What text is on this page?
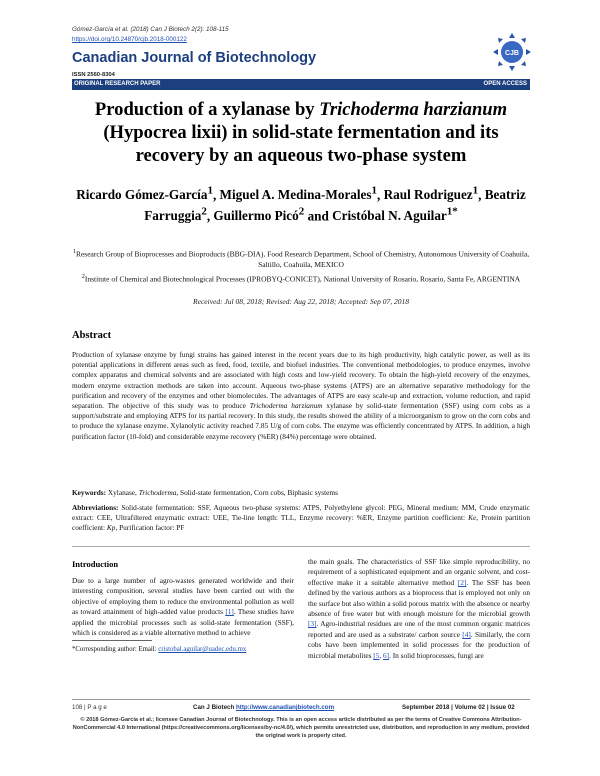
Gómez-García et al. (2018) Can J Biotech 2(2): 108-115
https://doi.org/10.24870/cjb.2018-000122
Canadian Journal of Biotechnology	CJB
ISSN 2560-8304
ORIGINAL RESEARCH PAPER	OPEN ACCESS
Production of a xylanase by Trichoderma harzianum (Hypocrea lixii) in solid-state fermentation and its recovery by an aqueous two-phase system
Ricardo Gómez-García$^1$, Miguel A. Medina-Morales$^1$, Raul Rodriguez$^1$, Beatriz Farruggia$^2$, Guillermo Picó$^2$ and Cristóbal N. Aguilar$^{1*}$
$^1$Research Group of Bioprocesses and Bioproducts (BBG-DIA), Food Research Department, School of Chemistry, Autonomous University of Coahuila, Saltillo, Coahuila, MEXICO
$^2$Institute of Chemical and Biotechnological Processes (IPROBYQ-CONICET), National University of Rosario, Rosario, Santa Fe, ARGENTINA
Received: Jul 08, 2018; Revised: Aug 22, 2018; Accepted: Sep 07, 2018
Abstract
Production of xylanase enzyme by fungi strains has gained interest in the recent years due to its high productivity, high catalytic power, as well as its potential applications in different areas such as feed, food, textile, and biofuel industries. The conventional methodologies, to produce enzymes, involve complex apparatus and chemical solvents and are associated with high costs and low-yield recovery. To obtain the high-yield recovery of the enzymes, modern enzyme extraction methods are taken into account. Aqueous two-phase systems (ATPS) are an alternative separative methodology for the purification and recovery of the enzymes and other biomolecules. The advantages of ATPS are easy scale-up and extraction, volume reduction, and rapid separation. The objective of this study was to produce Trichoderma harzianum xylanase by solid-state fermentation (SSF) using corn cobs as a support/substrate and employing ATPS for its partial recovery. In this study, the results showed the ability of a microorganism to grow on the corn cobs and to produce the xylanase enzyme. Xylanolytic activity reached 7.85 U/g of corn cobs. The enzyme was efficiently concentrated by ATPS. In addition, a high purification factor (10-fold) and considerable enzyme recovery (%ER) (84%) percentage were obtained.
Keywords: Xylanase, Trichoderma, Solid-state fermentation, Corn cobs, Biphasic systems
Abbreviations: Solid-state fermentation: SSF, Aqueous two-phase systems: ATPS, Polyethylene glycol: PEG, Mineral medium: MM, Crude enzymatic extract: CEE, Ultrafiltered enzymatic extract: UEE, Tie-line length: TLL, Enzyme recovery: %ER, Enzyme partition coefficient: Ke, Protein partition coefficient: Kp, Purification factor: PF
Introduction
Due to a large number of agro-wastes generated worldwide and their interesting composition, several studies have been carried out with the objective of employing them to reduce the environmental pollution as well as toward attainment of high-added value products [1]. These studies have applied the microbial processes such as solid-state fermentation (SSF), which is considered as a viable alternative method to achieve
the main goals. The characteristics of SSF like simple reproducibility, no requirement of a sophisticated equipment and an organic solvent, and cost-effective make it a suitable alternative method [2]. The SSF has been defined by the various authors as a bioprocess that is employed not only on the surface but also within a solid porous matrix with the absence or nearby absence of free water but with enough moisture for the microbial growth [3]. Agro-industrial residues are one of the most common organic matrices reported and are used as a substrate/ carbon source [4]. Similarly, the corn cobs have been implemented in solid processes for the production of microbial metabolites [5, 6]. In solid bioprocesses, fungi are
*Corresponding author: Email: cristobal.aguilar@uadec.edu.mx
108 | P a g e	Can J Biotech http://www.canadianjbiotech.com	September 2018 | Volume 02 | Issue 02
© 2018 Gómez-García et al.; licensee Canadian Journal of Biotechnology. This is an open access article distributed as per the terms of Creative Commons Attribution-NonCommercial 4.0 International (https://creativecommons.org/licenses/by-nc/4.0/), which permits unrestricted use, distribution, and reproduction in any medium, provided the original work is properly cited.
